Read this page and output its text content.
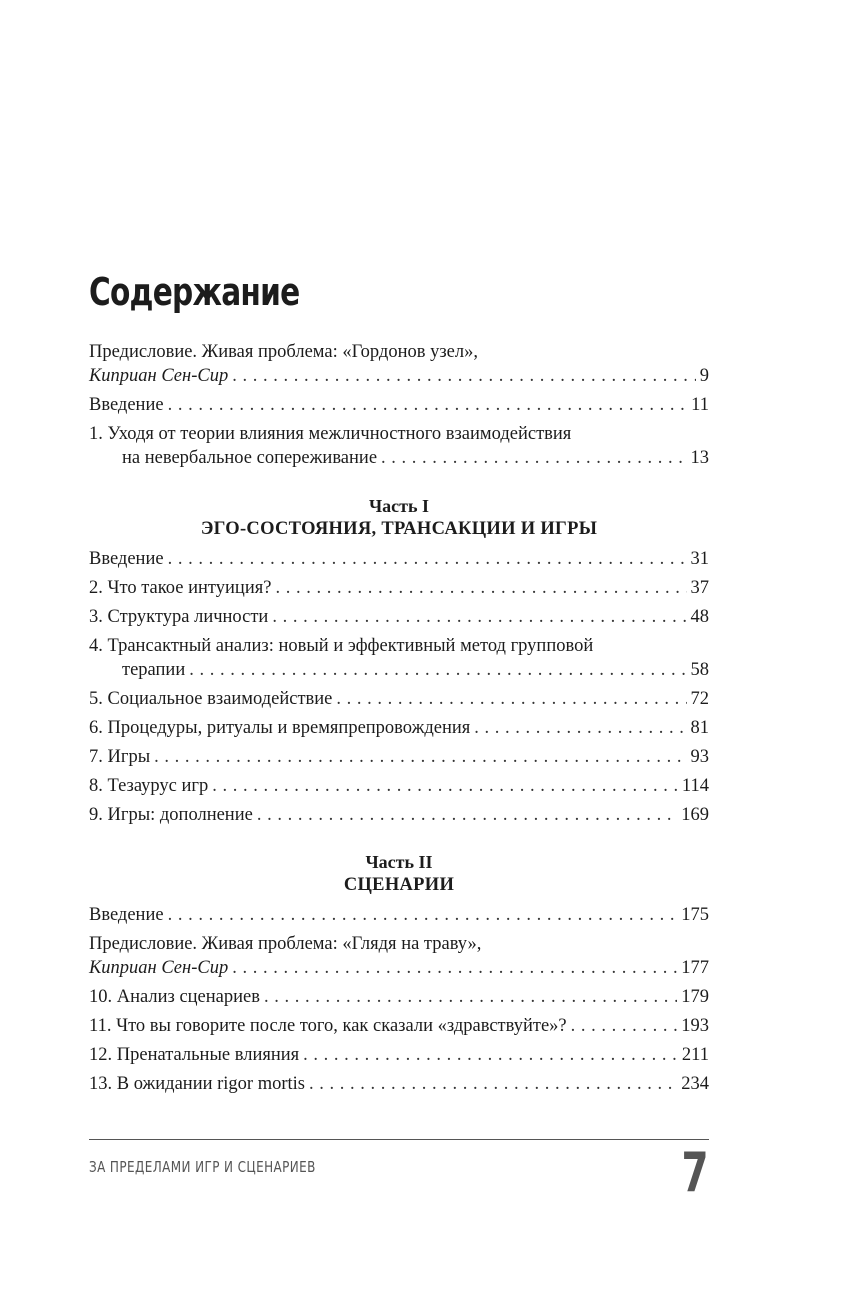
Содержание
Предисловие. Живая проблема: «Гордонов узел»,
Киприан Сен-Сир . . .	9
Введение . . .	11
1. Уходя от теории влияния межличностного взаимодействия
на невербальное сопереживание . . .	13
Часть I
ЭГО-СОСТОЯНИЯ, ТРАНСАКЦИИ И ИГРЫ
Введение . . .	31
2. Что такое интуиция? . . .	37
3. Структура личности . . .	48
4. Трансактный анализ: новый и эффективный метод групповой
терапии . . .	58
5. Социальное взаимодействие . . .	72
6. Процедуры, ритуалы и времяпрепровождения . . .	81
7. Игры . . .	93
8. Тезаурус игр . . .	114
9. Игры: дополнение . . .	169
Часть II
СЦЕНАРИИ
Введение . . .	175
Предисловие. Живая проблема: «Глядя на траву»,
Киприан Сен-Сир . . .	177
10. Анализ сценариев . . .	179
11. Что вы говорите после того, как сказали «здравствуйте»? . . .	193
12. Пренатальные влияния . . .	211
13. В ожидании rigor mortis . . .	234
ЗА ПРЕДЕЛАМИ ИГР И СЦЕНАРИЕВ	7
